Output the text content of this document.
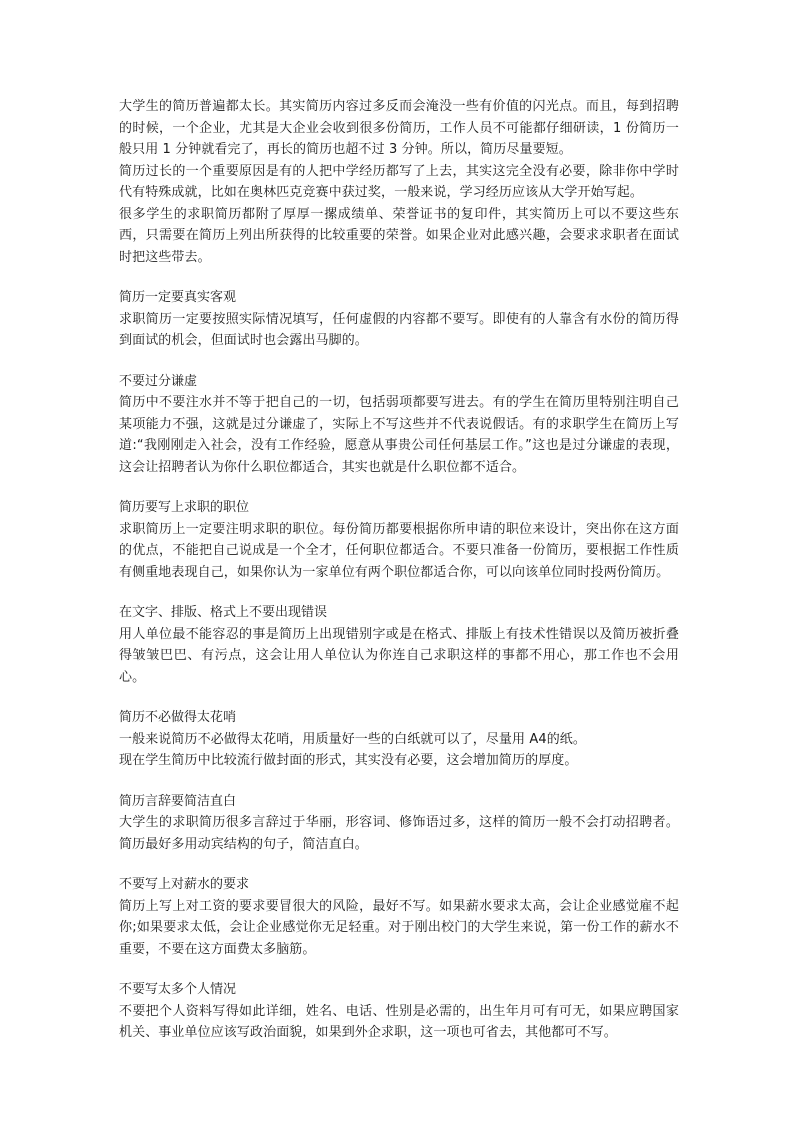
大学生的简历普遍都太长。其实简历内容过多反而会淹没一些有价值的闪光点。而且，每到招聘的时候，一个企业，尤其是大企业会收到很多份简历，工作人员不可能都仔细研读，1 份简历一般只用 1 分钟就看完了，再长的简历也超不过 3 分钟。所以，简历尽量要短。

简历过长的一个重要原因是有的人把中学经历都写了上去，其实这完全没有必要，除非你中学时代有特殊成就，比如在奥林匹克竞赛中获过奖，一般来说，学习经历应该从大学开始写起。

很多学生的求职简历都附了厚厚一摞成绩单、荣誉证书的复印件，其实简历上可以不要这些东西，只需要在简历上列出所获得的比较重要的荣誉。如果企业对此感兴趣，会要求求职者在面试时把这些带去。

简历一定要真实客观

求职简历一定要按照实际情况填写，任何虚假的内容都不要写。即使有的人靠含有水份的简历得到面试的机会，但面试时也会露出马脚的。

不要过分谦虚

简历中不要注水并不等于把自己的一切，包括弱项都要写进去。有的学生在简历里特别注明自己某项能力不强，这就是过分谦虚了，实际上不写这些并不代表说假话。有的求职学生在简历上写道:“我刚刚走入社会，没有工作经验，愿意从事贵公司任何基层工作。”这也是过分谦虚的表现，这会让招聘者认为你什么职位都适合，其实也就是什么职位都不适合。

简历要写上求职的职位

求职简历上一定要注明求职的职位。每份简历都要根据你所申请的职位来设计，突出你在这方面的优点，不能把自己说成是一个全才，任何职位都适合。不要只准备一份简历，要根据工作性质有侧重地表现自己，如果你认为一家单位有两个职位都适合你，可以向该单位同时投两份简历。

在文字、排版、格式上不要出现错误

用人单位最不能容忍的事是简历上出现错别字或是在格式、排版上有技术性错误以及简历被折叠得皱皱巴巴、有污点，这会让用人单位认为你连自己求职这样的事都不用心，那工作也不会用心。

简历不必做得太花哨

一般来说简历不必做得太花哨，用质量好一些的白纸就可以了，尽量用 A4的纸。

现在学生简历中比较流行做封面的形式，其实没有必要，这会增加简历的厚度。

简历言辞要简洁直白

大学生的求职简历很多言辞过于华丽，形容词、修饰语过多，这样的简历一般不会打动招聘者。简历最好多用动宾结构的句子，简洁直白。

不要写上对薪水的要求

简历上写上对工资的要求要冒很大的风险，最好不写。如果薪水要求太高，会让企业感觉雇不起你;如果要求太低，会让企业感觉你无足轻重。对于刚出校门的大学生来说，第一份工作的薪水不重要，不要在这方面费太多脑筋。

不要写太多个人情况

不要把个人资料写得如此详细，姓名、电话、性别是必需的，出生年月可有可无，如果应聘国家机关、事业单位应该写政治面貌，如果到外企求职，这一项也可省去，其他都可不写。
